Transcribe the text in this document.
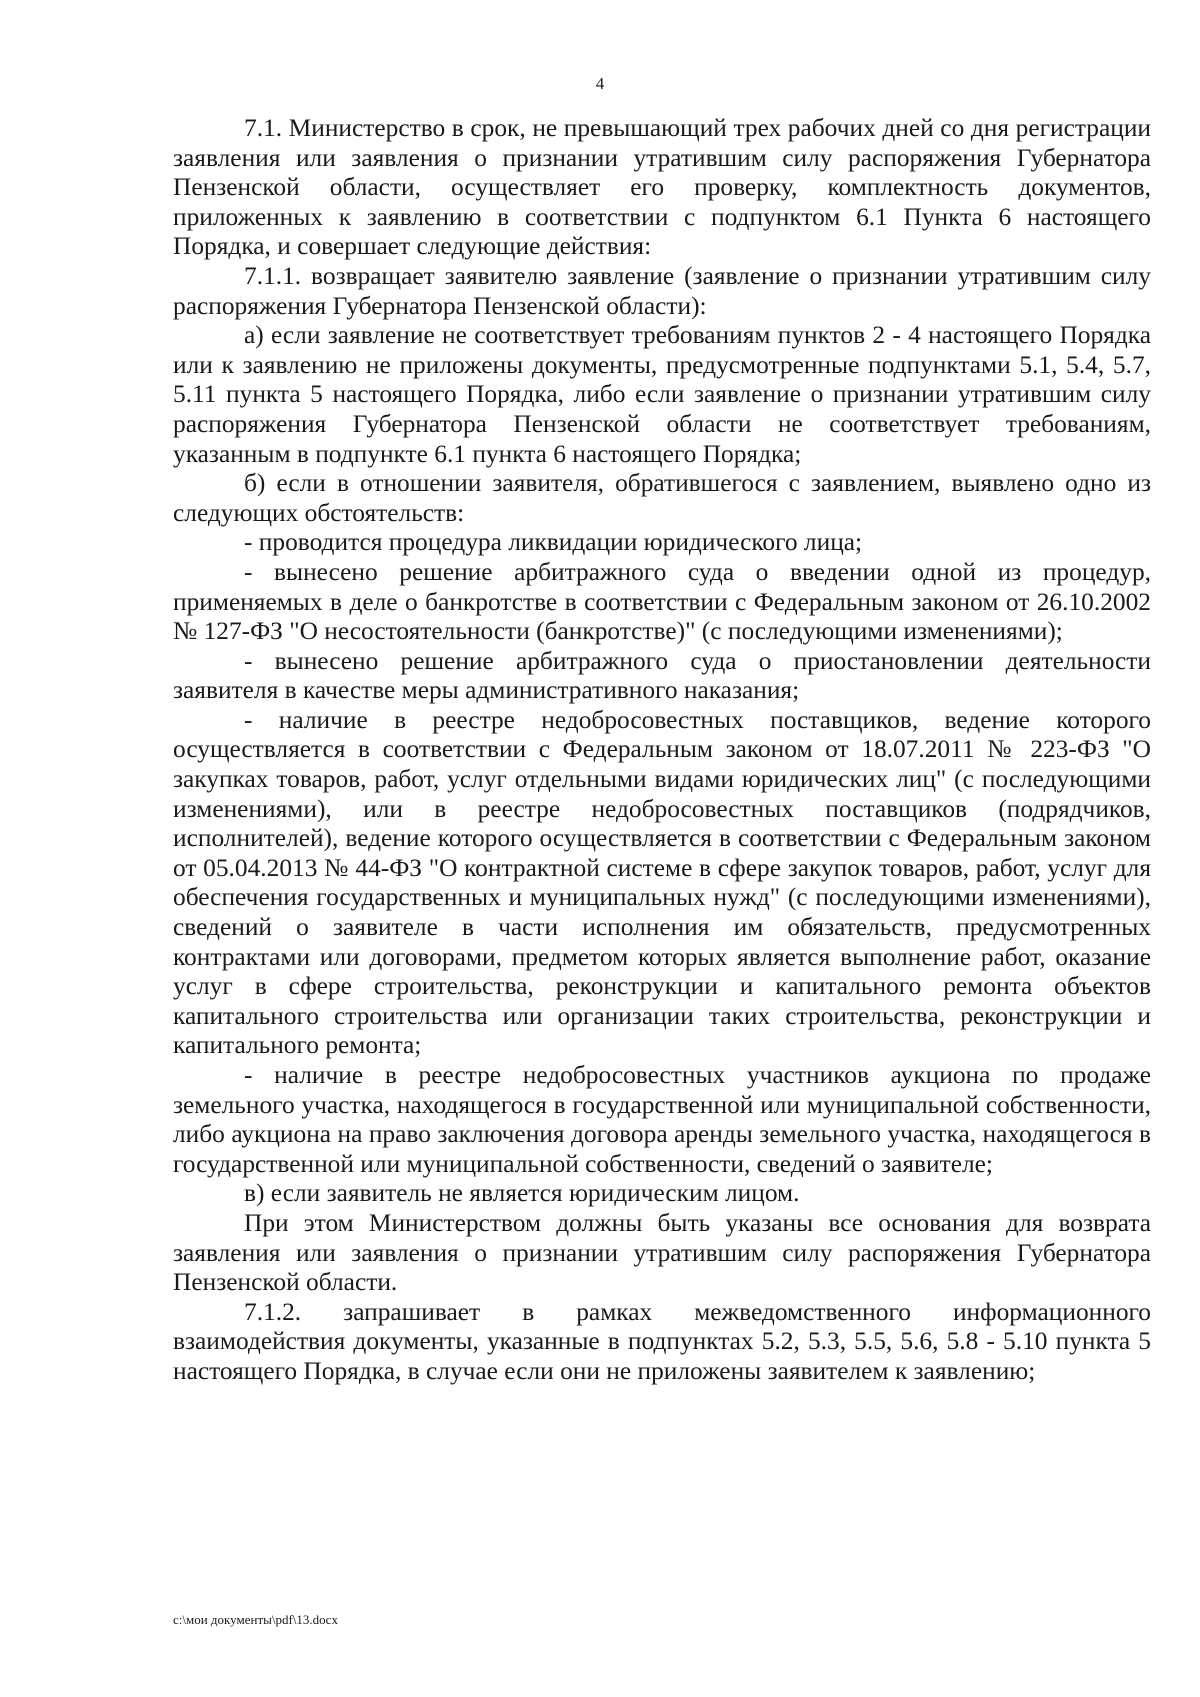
4

7.1. Министерство в срок, не превышающий трех рабочих дней со дня регистрации заявления или заявления о признании утратившим силу распоряжения Губернатора Пензенской области, осуществляет его проверку, комплектность документов, приложенных к заявлению в соответствии с подпунктом 6.1 Пункта 6 настоящего Порядка, и совершает следующие действия:

7.1.1. возвращает заявителю заявление (заявление о признании утратившим силу распоряжения Губернатора Пензенской области):

а) если заявление не соответствует требованиям пунктов 2 - 4 настоящего Порядка или к заявлению не приложены документы, предусмотренные подпунктами 5.1, 5.4, 5.7, 5.11 пункта 5 настоящего Порядка, либо если заявление о признании утратившим силу распоряжения Губернатора Пензенской области не соответствует требованиям, указанным в подпункте 6.1 пункта 6 настоящего Порядка;

б) если в отношении заявителя, обратившегося с заявлением, выявлено одно из следующих обстоятельств:

- проводится процедура ликвидации юридического лица;

- вынесено решение арбитражного суда о введении одной из процедур, применяемых в деле о банкротстве в соответствии с Федеральным законом от 26.10.2002 № 127-ФЗ "О несостоятельности (банкротстве)" (с последующими изменениями);

- вынесено решение арбитражного суда о приостановлении деятельности заявителя в качестве меры административного наказания;

- наличие в реестре недобросовестных поставщиков, ведение которого осуществляется в соответствии с Федеральным законом от 18.07.2011 № 223-ФЗ "О закупках товаров, работ, услуг отдельными видами юридических лиц" (с последующими изменениями), или в реестре недобросовестных поставщиков (подрядчиков, исполнителей), ведение которого осуществляется в соответствии с Федеральным законом от 05.04.2013 № 44-ФЗ "О контрактной системе в сфере закупок товаров, работ, услуг для обеспечения государственных и муниципальных нужд" (с последующими изменениями), сведений о заявителе в части исполнения им обязательств, предусмотренных контрактами или договорами, предметом которых является выполнение работ, оказание услуг в сфере строительства, реконструкции и капитального ремонта объектов капитального строительства или организации таких строительства, реконструкции и капитального ремонта;

- наличие в реестре недобросовестных участников аукциона по продаже земельного участка, находящегося в государственной или муниципальной собственности, либо аукциона на право заключения договора аренды земельного участка, находящегося в государственной или муниципальной собственности, сведений о заявителе;

в) если заявитель не является юридическим лицом.

При этом Министерством должны быть указаны все основания для возврата заявления или заявления о признании утратившим силу распоряжения Губернатора Пензенской области.

7.1.2. запрашивает в рамках межведомственного информационного взаимодействия документы, указанные в подпунктах 5.2, 5.3, 5.5, 5.6, 5.8 - 5.10 пункта 5 настоящего Порядка, в случае если они не приложены заявителем к заявлению;

c:\мои документы\pdf\13.docx
